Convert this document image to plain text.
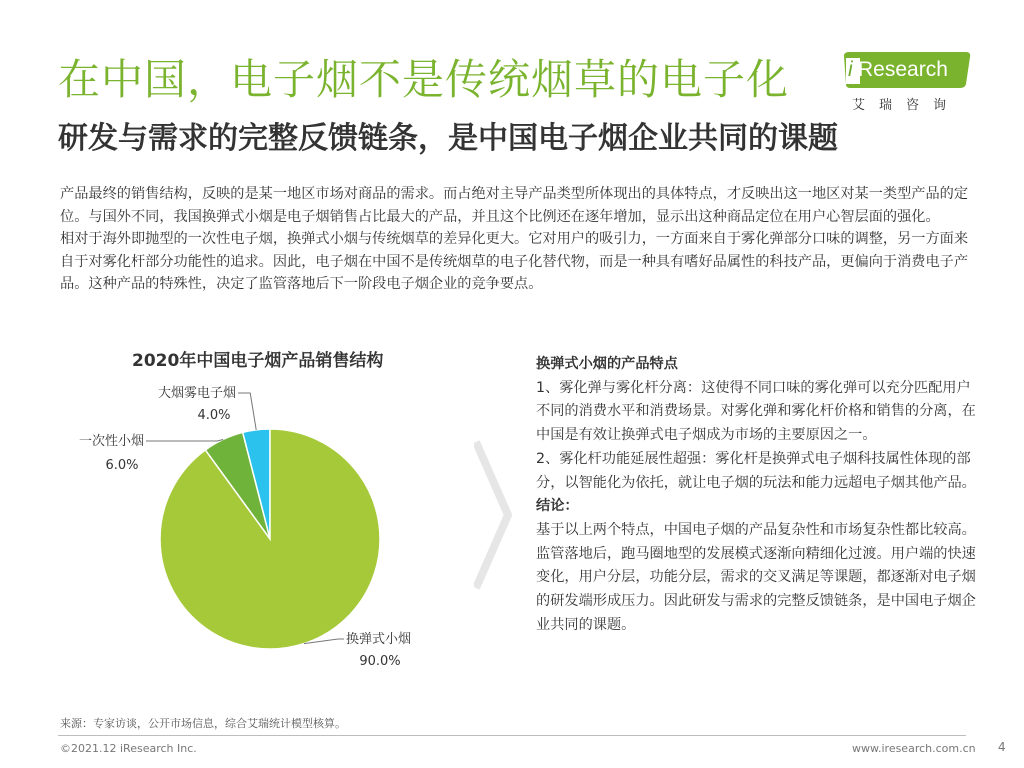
在中国，电子烟不是传统烟草的电子化
研发与需求的完整反馈链条，是中国电子烟企业共同的课题
i Research
艾瑞咨询

产品最终的销售结构，反映的是某一地区市场对商品的需求。而占绝对主导产品类型所体现出的具体特点，才反映出这一地区对某一类型产品的定位。与国外不同，我国换弹式小烟是电子烟销售占比最大的产品，并且这个比例还在逐年增加，显示出这种商品定位在用户心智层面的强化。

相对于海外即抛型的一次性电子烟，换弹式小烟与传统烟草的差异化更大。它对用户的吸引力，一方面来自于雾化弹部分口味的调整，另一方面来自于对雾化杆部分功能性的追求。因此，电子烟在中国不是传统烟草的电子化替代物，而是一种具有嗜好品属性的科技产品，更偏向于消费电子产品。这种产品的特殊性，决定了监管落地后下一阶段电子烟企业的竞争要点。

2020年中国电子烟产品销售结构
大烟雾电子烟
4.0%
一次性小烟
6.0%
换弹式小烟
90.0%

换弹式小烟的产品特点

1、雾化弹与雾化杆分离：这使得不同口味的雾化弹可以充分匹配用户不同的消费水平和消费场景。对雾化弹和雾化杆价格和销售的分离，在中国是有效让换弹式电子烟成为市场的主要原因之一。

2、雾化杆功能延展性超强：雾化杆是换弹式电子烟科技属性体现的部分，以智能化为依托，就让电子烟的玩法和能力远超电子烟其他产品。

结论：

基于以上两个特点，中国电子烟的产品复杂性和市场复杂性都比较高。监管落地后，跑马圈地型的发展模式逐渐向精细化过渡。用户端的快速变化，用户分层，功能分层，需求的交叉满足等课题，都逐渐对电子烟的研发端形成压力。因此研发与需求的完整反馈链条，是中国电子烟企业共同的课题。

来源：专家访谈，公开市场信息，综合艾瑞统计模型核算。
©2021.12 iResearch Inc.	www.iresearch.com.cn 4
